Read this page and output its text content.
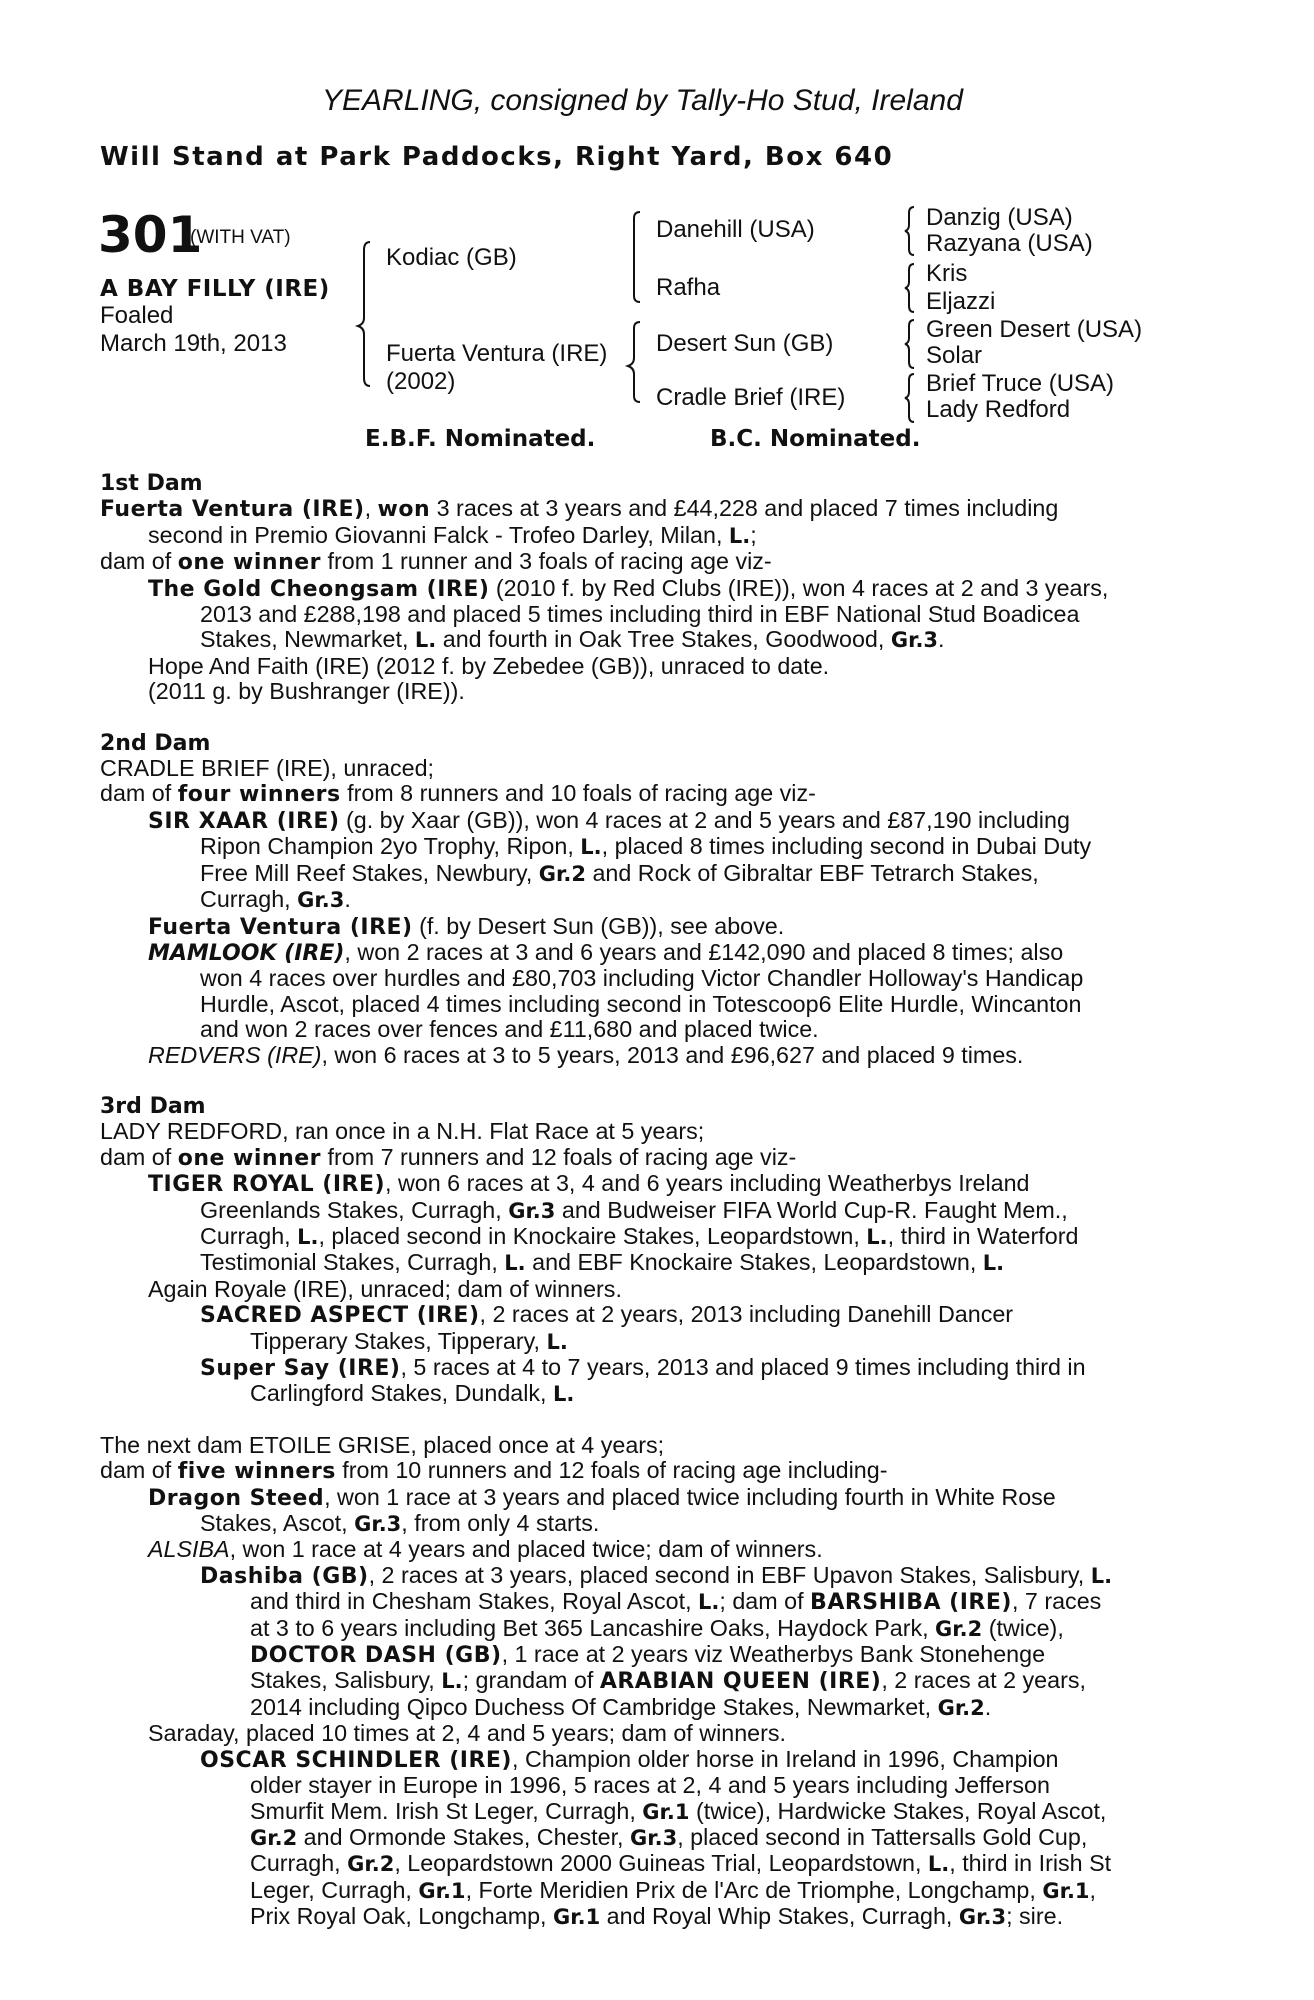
YEARLING, consigned by Tally-Ho Stud, Ireland
Will Stand at Park Paddocks, Right Yard, Box 640
301
(WITH VAT)
A BAY FILLY (IRE)
Foaled
March 19th, 2013
Kodiac (GB)
Fuerta Ventura (IRE)
(2002)
Danehill (USA)
Rafha
Desert Sun (GB)
Cradle Brief (IRE)
Danzig (USA)
Razyana (USA)
Kris
Eljazzi
Green Desert (USA)
Solar
Brief Truce (USA)
Lady Redford
E.B.F. Nominated.	B.C. Nominated.
1st Dam
Fuerta Ventura (IRE), won 3 races at 3 years and £44,228 and placed 7 times including
second in Premio Giovanni Falck - Trofeo Darley, Milan, L.;
dam of one winner from 1 runner and 3 foals of racing age viz-
The Gold Cheongsam (IRE) (2010 f. by Red Clubs (IRE)), won 4 races at 2 and 3 years,
2013 and £288,198 and placed 5 times including third in EBF National Stud Boadicea
Stakes, Newmarket, L. and fourth in Oak Tree Stakes, Goodwood, Gr.3.
Hope And Faith (IRE) (2012 f. by Zebedee (GB)), unraced to date.
(2011 g. by Bushranger (IRE)).
2nd Dam
CRADLE BRIEF (IRE), unraced;
dam of four winners from 8 runners and 10 foals of racing age viz-
SIR XAAR (IRE) (g. by Xaar (GB)), won 4 races at 2 and 5 years and £87,190 including
Ripon Champion 2yo Trophy, Ripon, L., placed 8 times including second in Dubai Duty
Free Mill Reef Stakes, Newbury, Gr.2 and Rock of Gibraltar EBF Tetrarch Stakes,
Curragh, Gr.3.
Fuerta Ventura (IRE) (f. by Desert Sun (GB)), see above.
MAMLOOK (IRE), won 2 races at 3 and 6 years and £142,090 and placed 8 times; also
won 4 races over hurdles and £80,703 including Victor Chandler Holloway's Handicap
Hurdle, Ascot, placed 4 times including second in Totescoop6 Elite Hurdle, Wincanton
and won 2 races over fences and £11,680 and placed twice.
REDVERS (IRE), won 6 races at 3 to 5 years, 2013 and £96,627 and placed 9 times.
3rd Dam
LADY REDFORD, ran once in a N.H. Flat Race at 5 years;
dam of one winner from 7 runners and 12 foals of racing age viz-
TIGER ROYAL (IRE), won 6 races at 3, 4 and 6 years including Weatherbys Ireland
Greenlands Stakes, Curragh, Gr.3 and Budweiser FIFA World Cup-R. Faught Mem.,
Curragh, L., placed second in Knockaire Stakes, Leopardstown, L., third in Waterford
Testimonial Stakes, Curragh, L. and EBF Knockaire Stakes, Leopardstown, L.
Again Royale (IRE), unraced; dam of winners.
SACRED ASPECT (IRE), 2 races at 2 years, 2013 including Danehill Dancer
Tipperary Stakes, Tipperary, L.
Super Say (IRE), 5 races at 4 to 7 years, 2013 and placed 9 times including third in
Carlingford Stakes, Dundalk, L.
The next dam ETOILE GRISE, placed once at 4 years;
dam of five winners from 10 runners and 12 foals of racing age including-
Dragon Steed, won 1 race at 3 years and placed twice including fourth in White Rose
Stakes, Ascot, Gr.3, from only 4 starts.
ALSIBA, won 1 race at 4 years and placed twice; dam of winners.
Dashiba (GB), 2 races at 3 years, placed second in EBF Upavon Stakes, Salisbury, L.
and third in Chesham Stakes, Royal Ascot, L.; dam of BARSHIBA (IRE), 7 races
at 3 to 6 years including Bet 365 Lancashire Oaks, Haydock Park, Gr.2 (twice),
DOCTOR DASH (GB), 1 race at 2 years viz Weatherbys Bank Stonehenge
Stakes, Salisbury, L.; grandam of ARABIAN QUEEN (IRE), 2 races at 2 years,
2014 including Qipco Duchess Of Cambridge Stakes, Newmarket, Gr.2.
Saraday, placed 10 times at 2, 4 and 5 years; dam of winners.
OSCAR SCHINDLER (IRE), Champion older horse in Ireland in 1996, Champion
older stayer in Europe in 1996, 5 races at 2, 4 and 5 years including Jefferson
Smurfit Mem. Irish St Leger, Curragh, Gr.1 (twice), Hardwicke Stakes, Royal Ascot,
Gr.2 and Ormonde Stakes, Chester, Gr.3, placed second in Tattersalls Gold Cup,
Curragh, Gr.2, Leopardstown 2000 Guineas Trial, Leopardstown, L., third in Irish St
Leger, Curragh, Gr.1, Forte Meridien Prix de l'Arc de Triomphe, Longchamp, Gr.1,
Prix Royal Oak, Longchamp, Gr.1 and Royal Whip Stakes, Curragh, Gr.3; sire.
